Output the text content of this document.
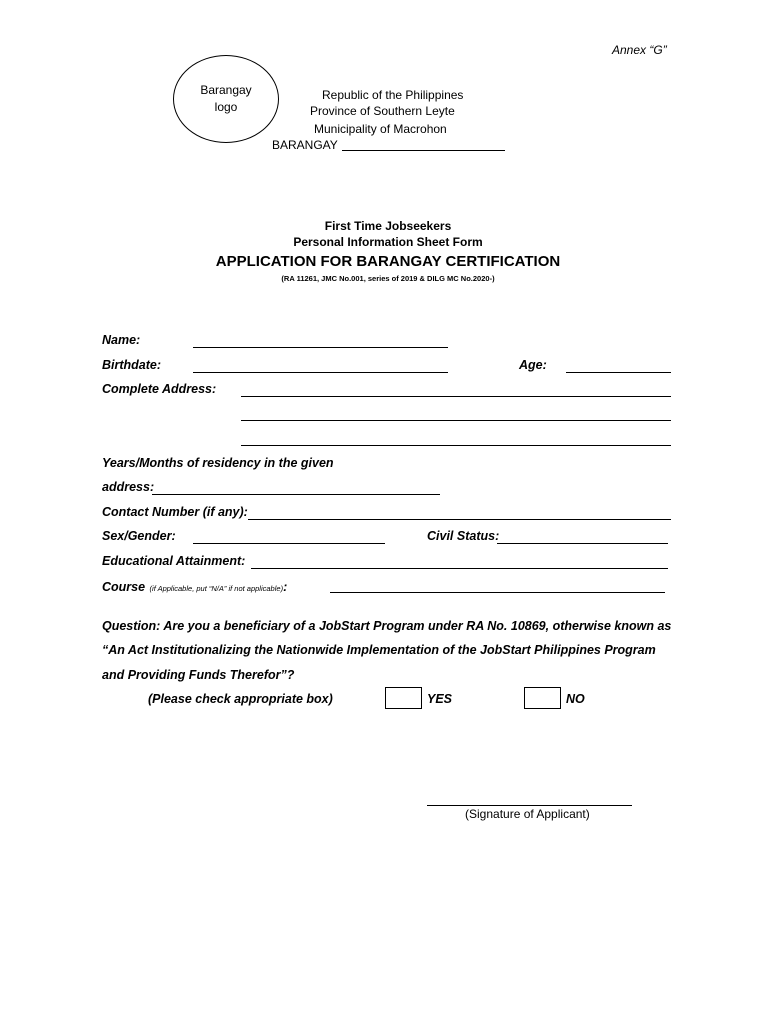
Annex “G”
Barangay
logo
Republic of the Philippines
Province of Southern Leyte
Municipality of Macrohon
BARANGAY
First Time Jobseekers
Personal Information Sheet Form
APPLICATION FOR BARANGAY CERTIFICATION
(RA 11261, JMC No.001, series of 2019 & DILG MC No.2020-)
Name:
Birthdate:	Age:
Complete Address:
Years/Months of residency in the given
address:
Contact Number (if any):
Sex/Gender:	Civil Status:
Educational Attainment:
Course (if Applicable, put “N/A” if not applicable):
Question: Are you a beneficiary of a JobStart Program under RA No. 10869, otherwise known as
“An Act Institutionalizing the Nationwide Implementation of the JobStart Philippines Program
and Providing Funds Therefor”?
(Please check appropriate box)	YES	NO
(Signature of Applicant)
